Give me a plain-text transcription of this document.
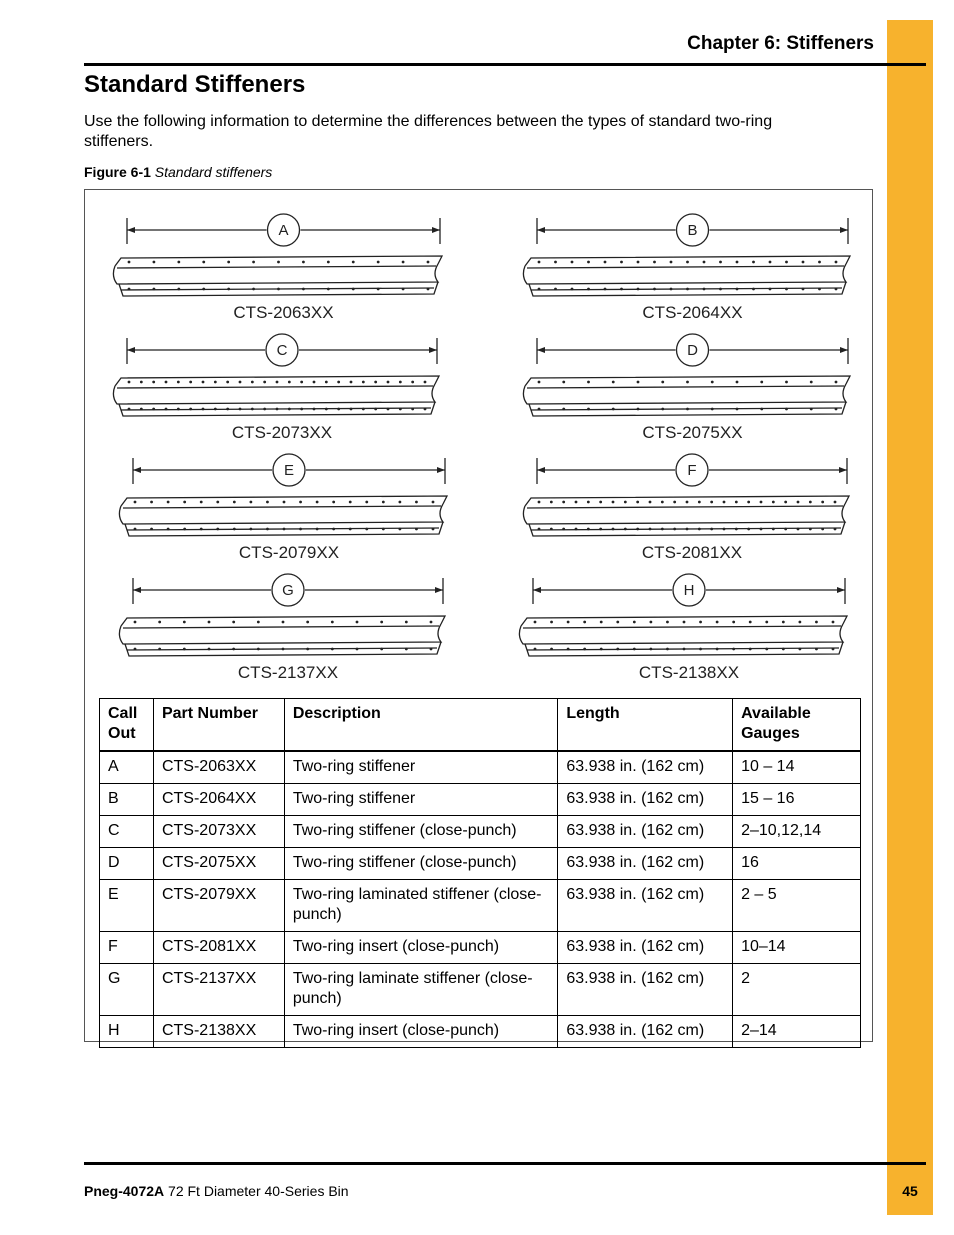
Chapter 6: Stiffeners
Standard Stiffeners
Use the following information to determine the differences between the types of standard two-ring stiffeners.
Figure 6-1 Standard stiffeners
A
CTS-2063XX
B
CTS-2064XX
C
CTS-2073XX
D
CTS-2075XX
E
CTS-2079XX
F
CTS-2081XX
G
CTS-2137XX
H
CTS-2138XX
Call Out	Part Number	Description	Length	Available Gauges
A	CTS-2063XX	Two-ring stiffener	63.938 in. (162 cm)	10 – 14
B	CTS-2064XX	Two-ring stiffener	63.938 in. (162 cm)	15 – 16
C	CTS-2073XX	Two-ring stiffener (close-punch)	63.938 in. (162 cm)	2–10,12,14
D	CTS-2075XX	Two-ring stiffener (close-punch)	63.938 in. (162 cm)	16
E	CTS-2079XX	Two-ring laminated stiffener (close-punch)	63.938 in. (162 cm)	2 – 5
F	CTS-2081XX	Two-ring insert (close-punch)	63.938 in. (162 cm)	10–14
G	CTS-2137XX	Two-ring laminate stiffener (close-punch)	63.938 in. (162 cm)	2
H	CTS-2138XX	Two-ring insert (close-punch)	63.938 in. (162 cm)	2–14
Pneg-4072A 72 Ft Diameter 40-Series Bin	45
